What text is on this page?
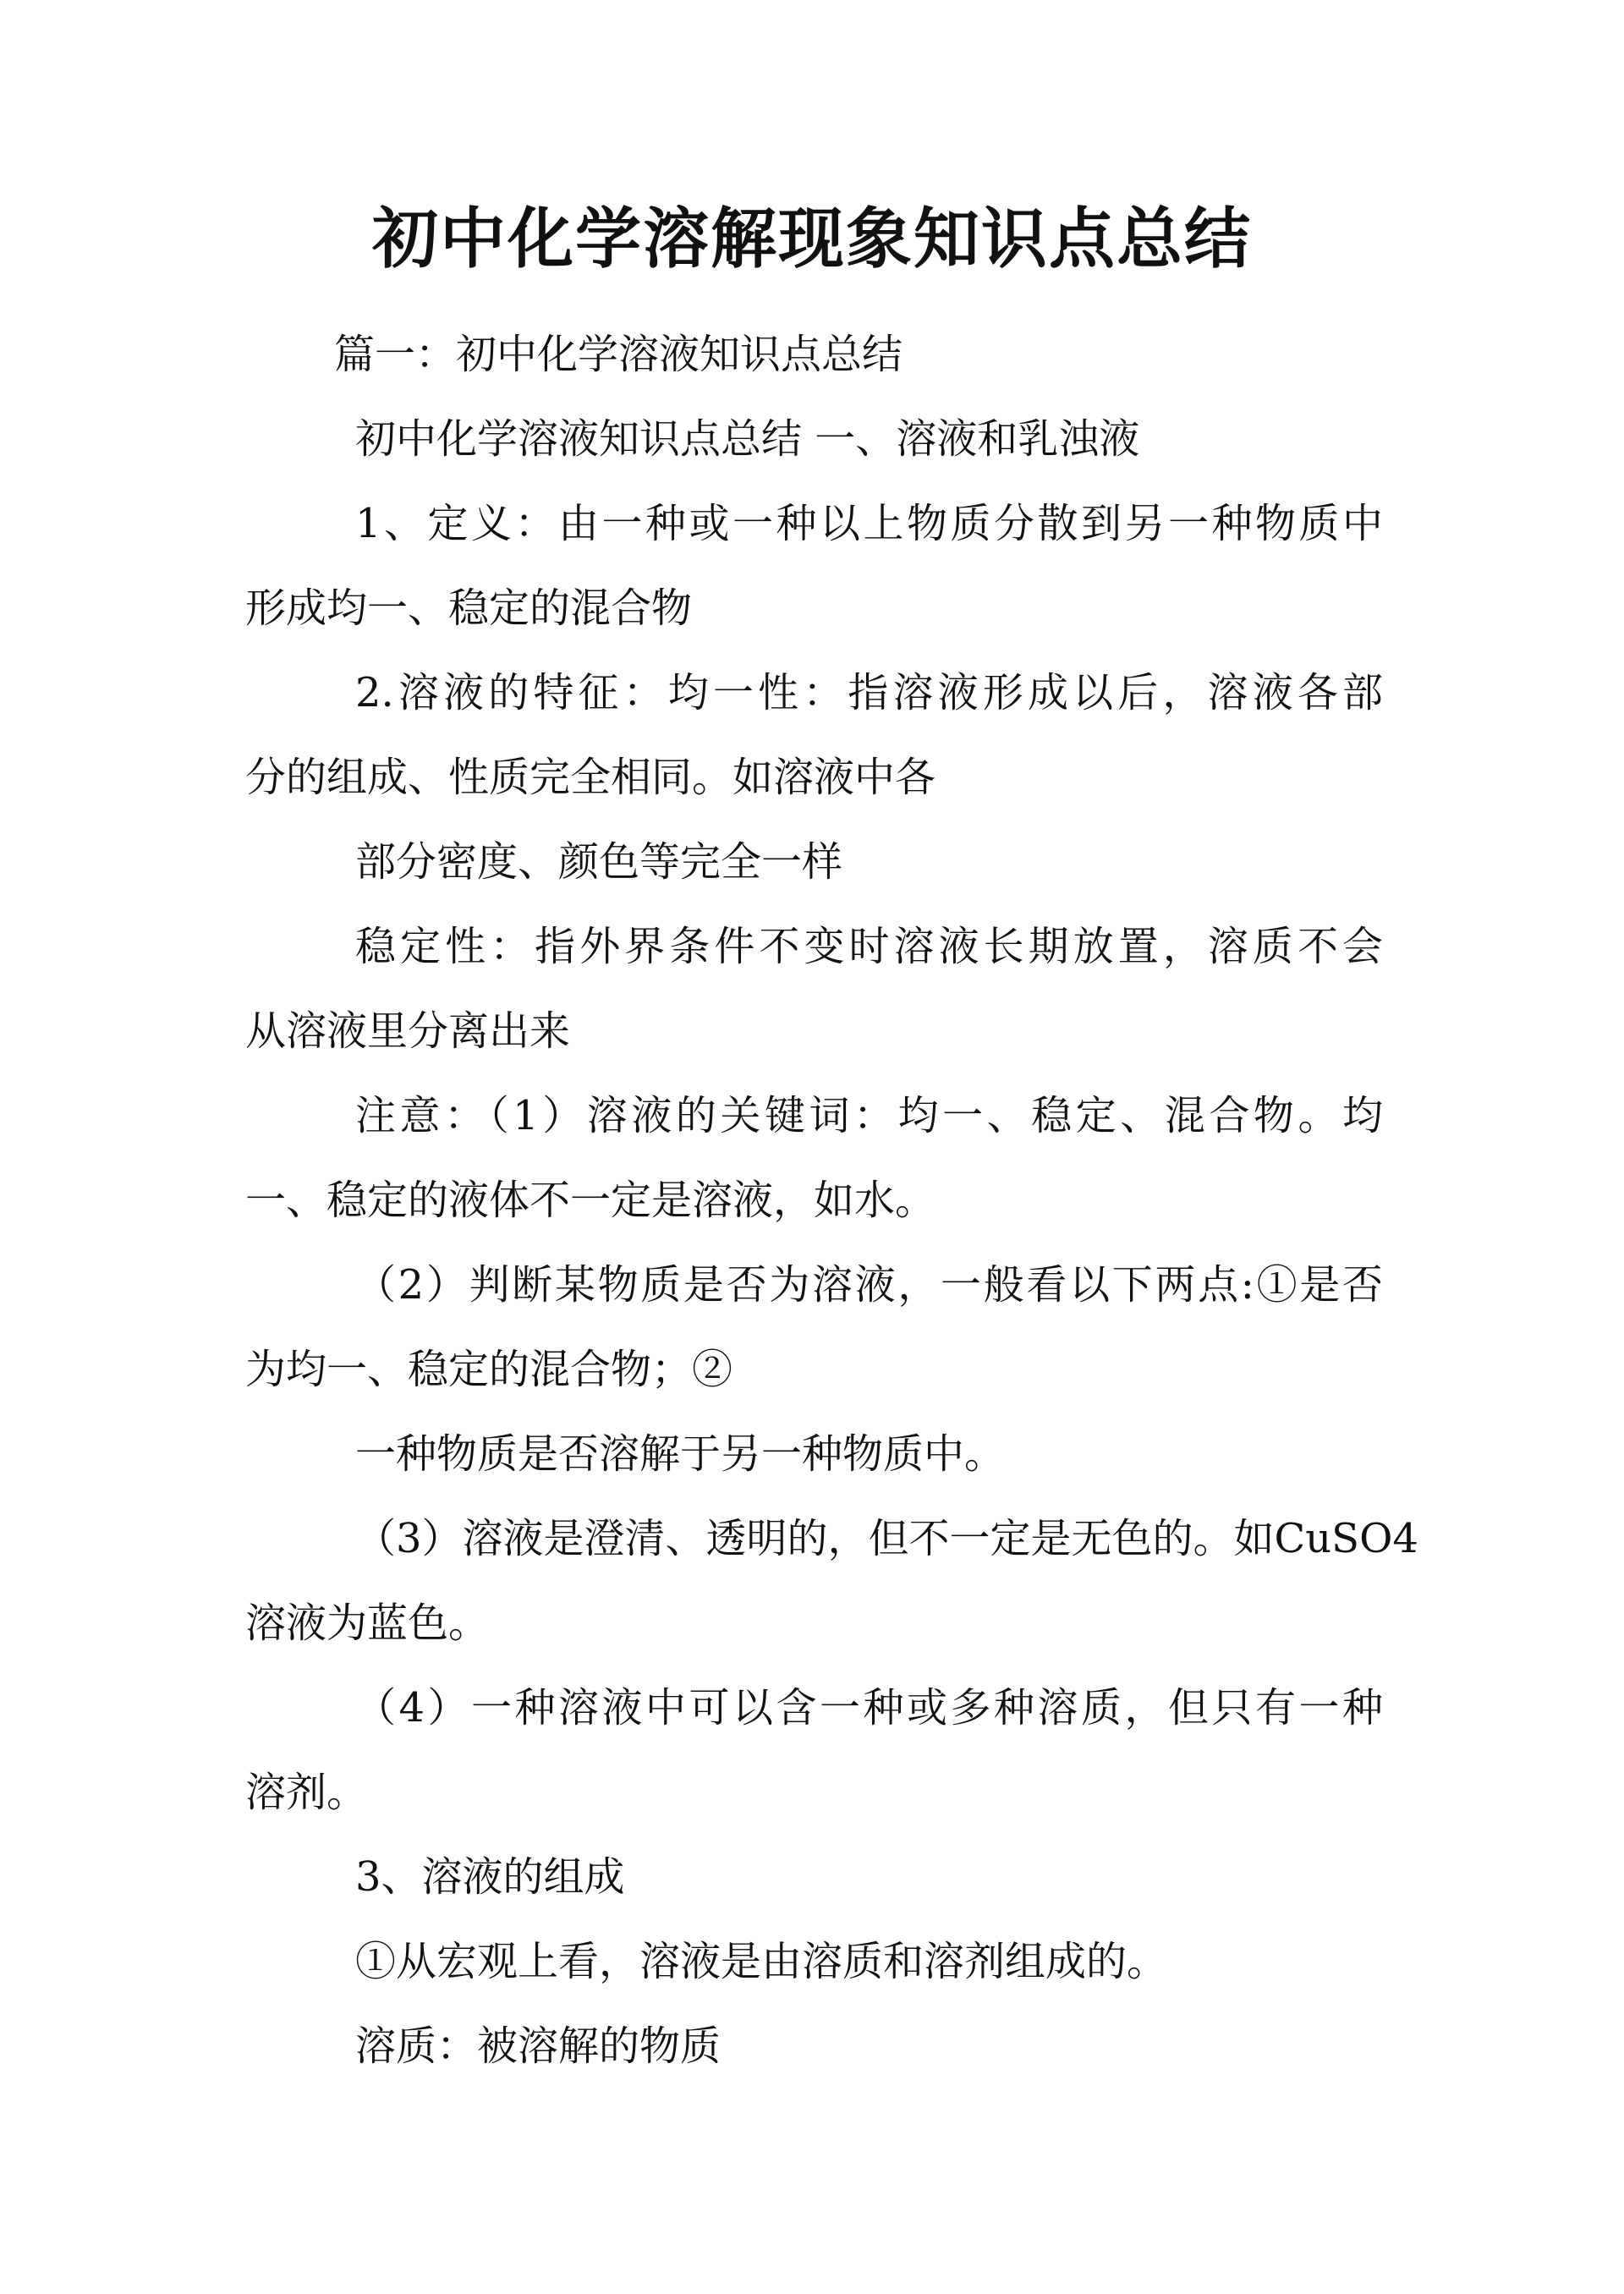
初中化学溶解现象知识点总结
篇一：初中化学溶液知识点总结
初中化学溶液知识点总结 一、溶液和乳浊液
1、定义：由一种或一种以上物质分散到另一种物质中
形成均一、稳定的混合物
2.溶液的特征：均一性：指溶液形成以后，溶液各部
分的组成、性质完全相同。如溶液中各
部分密度、颜色等完全一样
稳定性：指外界条件不变时溶液长期放置，溶质不会
从溶液里分离出来
注意：（1）溶液的关键词：均一、稳定、混合物。均
一、稳定的液体不一定是溶液，如水。
（2）判断某物质是否为溶液，一般看以下两点:①是否
为均一、稳定的混合物；②
一种物质是否溶解于另一种物质中。
（3）溶液是澄清、透明的，但不一定是无色的。如CuSO4
溶液为蓝色。
（4）一种溶液中可以含一种或多种溶质，但只有一种
溶剂。
3、溶液的组成
①从宏观上看，溶液是由溶质和溶剂组成的。
溶质：被溶解的物质
